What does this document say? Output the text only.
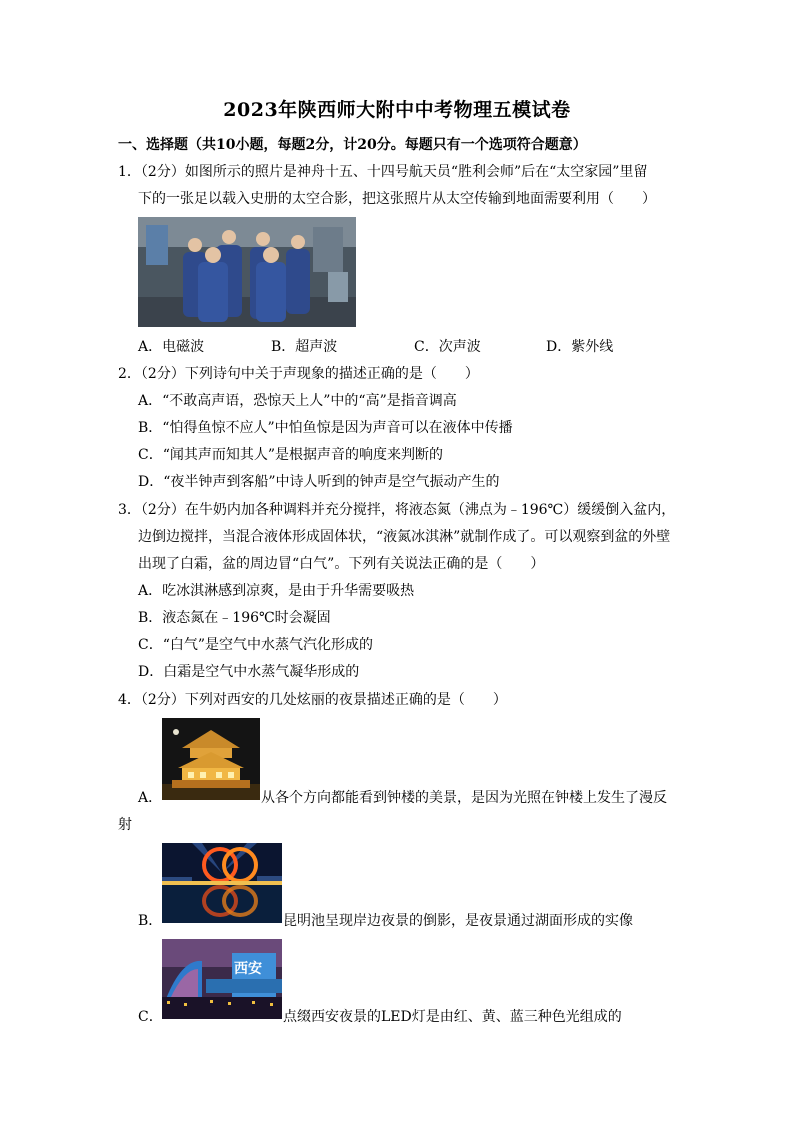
2023年陕西师大附中中考物理五模试卷
一、选择题（共10小题，每题2分，计20分。每题只有一个选项符合题意）
1．（2分）如图所示的照片是神舟十五、十四号航天员“胜利会师”后在“太空家园”里留
下的一张足以载入史册的太空合影，把这张照片从太空传输到地面需要利用（　　）
A．电磁波	B．超声波	C．次声波	D．紫外线
2．（2分）下列诗句中关于声现象的描述正确的是（　　）
A．“不敢高声语，恐惊天上人”中的“高”是指音调高
B．“怕得鱼惊不应人”中怕鱼惊是因为声音可以在液体中传播
C．“闻其声而知其人”是根据声音的响度来判断的
D．“夜半钟声到客船”中诗人听到的钟声是空气振动产生的
3．（2分）在牛奶内加各种调料并充分搅拌，将液态氮（沸点为﹣196℃）缓缓倒入盆内，
边倒边搅拌，当混合液体形成固体状，“液氮冰淇淋”就制作成了。可以观察到盆的外壁
出现了白霜，盆的周边冒“白气”。下列有关说法正确的是（　　）
A．吃冰淇淋感到凉爽，是由于升华需要吸热
B．液态氮在﹣196℃时会凝固
C．“白气”是空气中水蒸气汽化形成的
D．白霜是空气中水蒸气凝华形成的
4．（2分）下列对西安的几处炫丽的夜景描述正确的是（　　）
A．	从各个方向都能看到钟楼的美景，是因为光照在钟楼上发生了漫反
射
B．	昆明池呈现岸边夜景的倒影，是夜景通过湖面形成的实像
西安
C．	点缀西安夜景的LED灯是由红、黄、蓝三种色光组成的
